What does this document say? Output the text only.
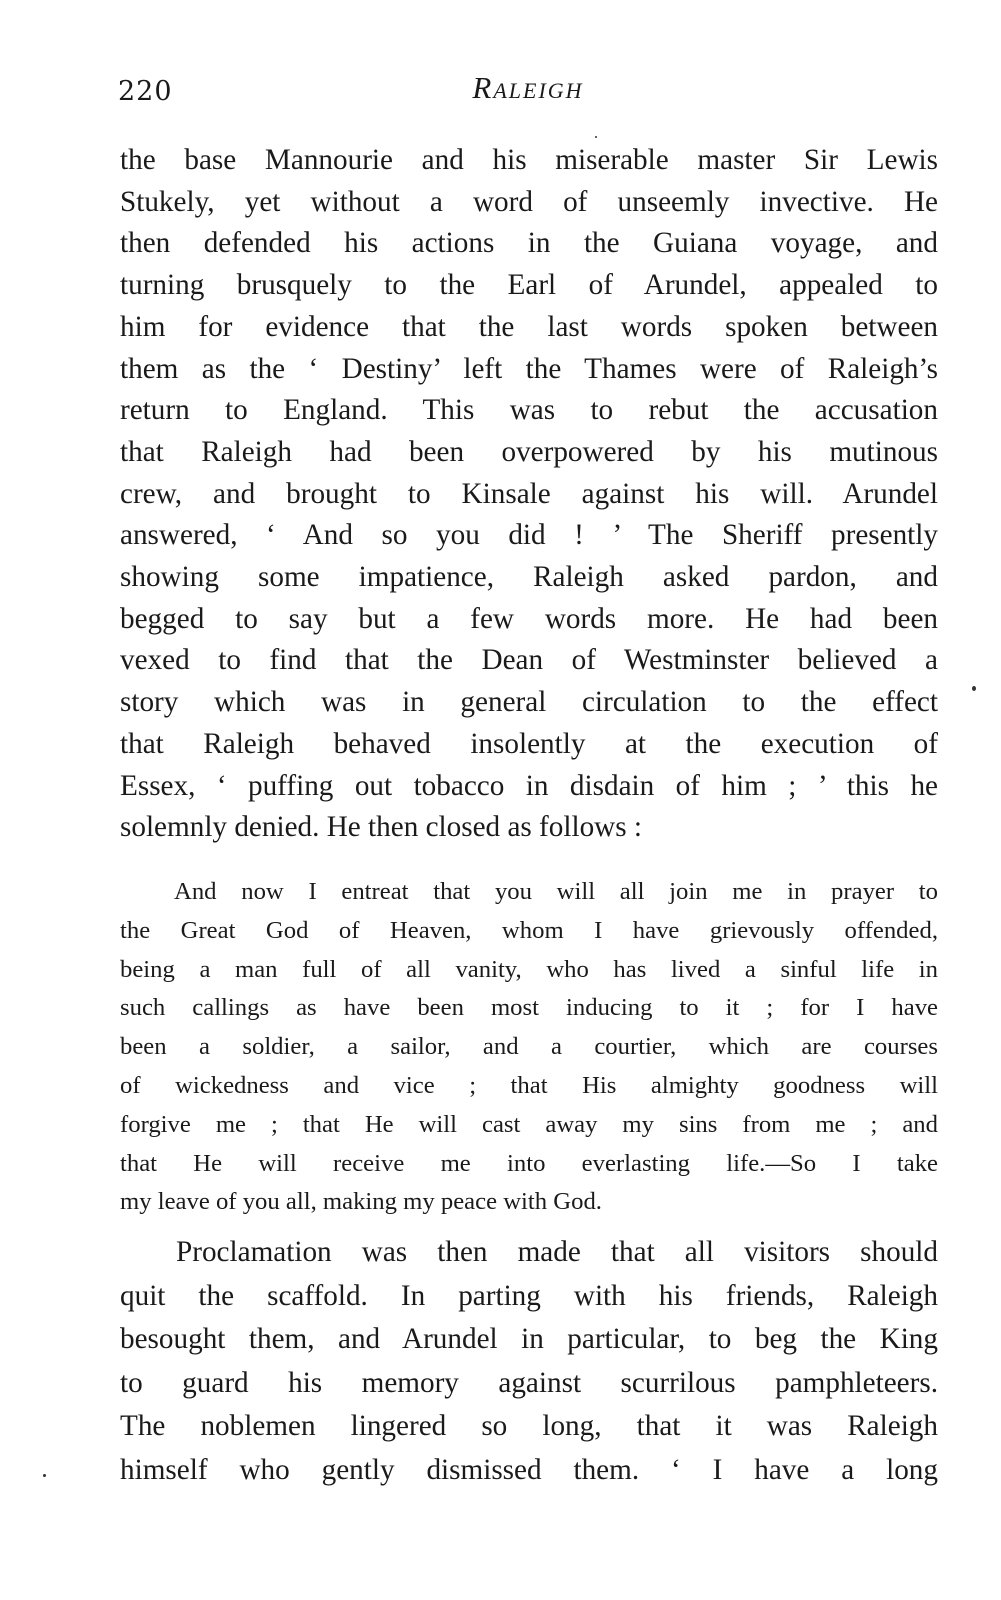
220	Raleigh

the base Mannourie and his miserable master Sir Lewis
Stukely, yet without a word of unseemly invective. He
then defended his actions in the Guiana voyage, and
turning brusquely to the Earl of Arundel, appealed to
him for evidence that the last words spoken between
them as the ‘ Destiny’ left the Thames were of Raleigh’s
return to England. This was to rebut the accusation
that Raleigh had been overpowered by his mutinous
crew, and brought to Kinsale against his will. Arundel
answered, ‘ And so you did ! ’ The Sheriff presently
showing some impatience, Raleigh asked pardon, and
begged to say but a few words more. He had been
vexed to find that the Dean of Westminster believed a
story which was in general circulation to the effect
that Raleigh behaved insolently at the execution of
Essex, ‘ puffing out tobacco in disdain of him ; ’ this he
solemnly denied. He then closed as follows :

And now I entreat that you will all join me in prayer to
the Great God of Heaven, whom I have grievously offended,
being a man full of all vanity, who has lived a sinful life in
such callings as have been most inducing to it ; for I have
been a soldier, a sailor, and a courtier, which are courses
of wickedness and vice ; that His almighty goodness will
forgive me ; that He will cast away my sins from me ; and
that He will receive me into everlasting life.—So I take
my leave of you all, making my peace with God.

Proclamation was then made that all visitors should
quit the scaffold. In parting with his friends, Raleigh
besought them, and Arundel in particular, to beg the King
to guard his memory against scurrilous pamphleteers.
The noblemen lingered so long, that it was Raleigh
himself who gently dismissed them. ‘ I have a long
